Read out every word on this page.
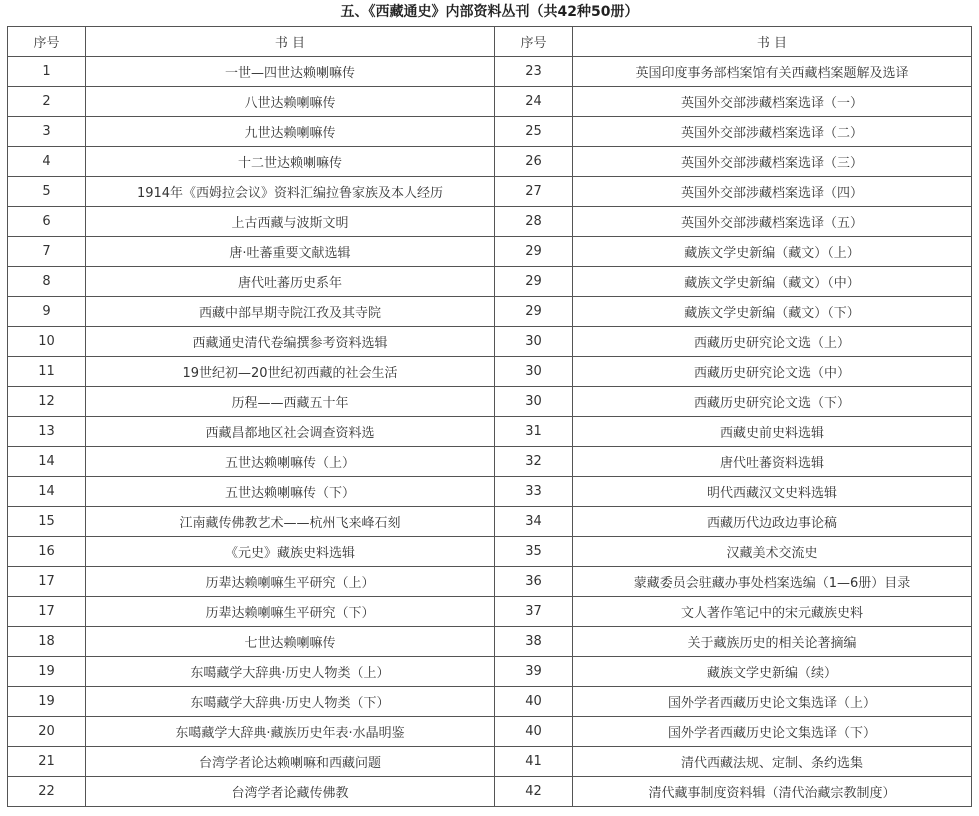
五、《西藏通史》内部资料丛刊（共42种50册）
序号	书 目	序号	书 目
1	一世—四世达赖喇嘛传	23	英国印度事务部档案馆有关西藏档案题解及选译
2	八世达赖喇嘛传	24	英国外交部涉藏档案选译（一）
3	九世达赖喇嘛传	25	英国外交部涉藏档案选译（二）
4	十二世达赖喇嘛传	26	英国外交部涉藏档案选译（三）
5	1914年《西姆拉会议》资料汇编拉鲁家族及本人经历	27	英国外交部涉藏档案选译（四）
6	上古西藏与波斯文明	28	英国外交部涉藏档案选译（五）
7	唐·吐蕃重要文献选辑	29	藏族文学史新编（藏文）（上）
8	唐代吐蕃历史系年	29	藏族文学史新编（藏文）（中）
9	西藏中部早期寺院江孜及其寺院	29	藏族文学史新编（藏文）（下）
10	西藏通史清代卷编撰参考资料选辑	30	西藏历史研究论文选（上）
11	19世纪初—20世纪初西藏的社会生活	30	西藏历史研究论文选（中）
12	历程——西藏五十年	30	西藏历史研究论文选（下）
13	西藏昌都地区社会调查资料选	31	西藏史前史料选辑
14	五世达赖喇嘛传（上）	32	唐代吐蕃资料选辑
14	五世达赖喇嘛传（下）	33	明代西藏汉文史料选辑
15	江南藏传佛教艺术——杭州飞来峰石刻	34	西藏历代边政边事论稿
16	《元史》藏族史料选辑	35	汉藏美术交流史
17	历辈达赖喇嘛生平研究（上）	36	蒙藏委员会驻藏办事处档案选编（1—6册）目录
17	历辈达赖喇嘛生平研究（下）	37	文人著作笔记中的宋元藏族史料
18	七世达赖喇嘛传	38	关于藏族历史的相关论著摘编
19	东噶藏学大辞典·历史人物类（上）	39	藏族文学史新编（续）
19	东噶藏学大辞典·历史人物类（下）	40	国外学者西藏历史论文集选译（上）
20	东噶藏学大辞典·藏族历史年表·水晶明鉴	40	国外学者西藏历史论文集选译（下）
21	台湾学者论达赖喇嘛和西藏问题	41	清代西藏法规、定制、条约选集
22	台湾学者论藏传佛教	42	清代藏事制度资料辑（清代治藏宗教制度）
